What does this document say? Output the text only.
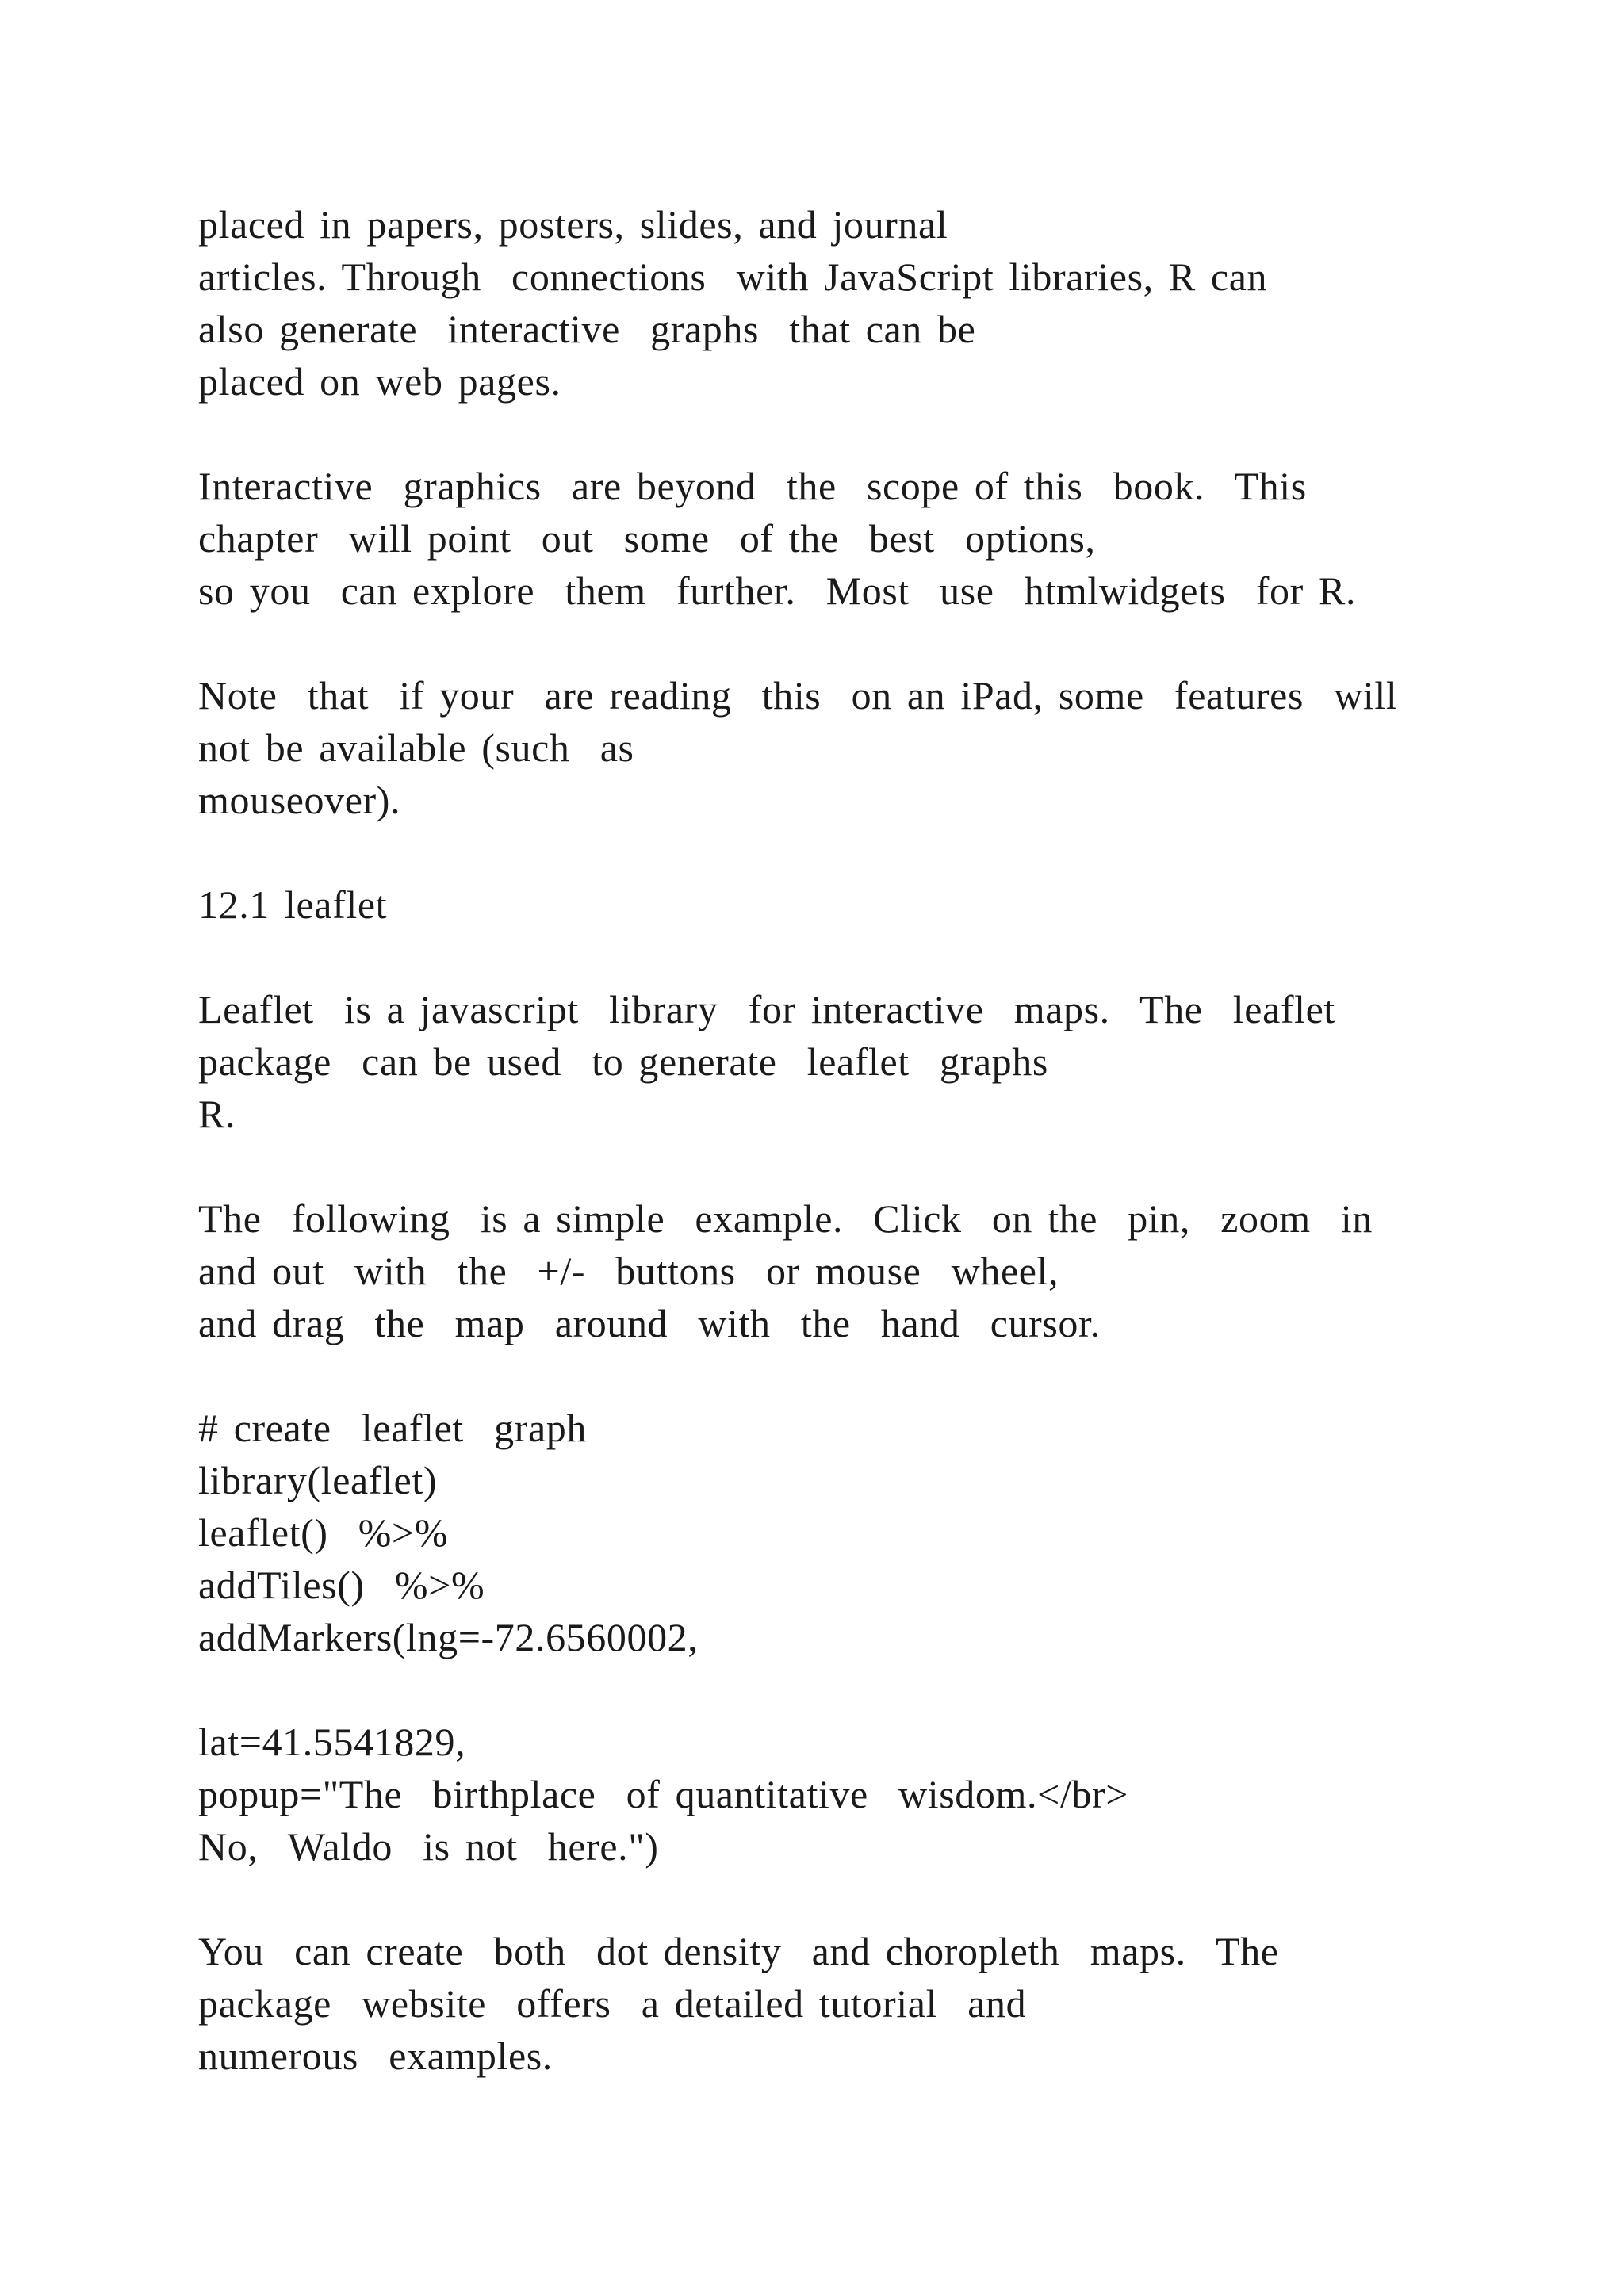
placed in papers, posters, slides, and journal

articles. Through  connections  with JavaScript libraries, R can

also generate  interactive  graphs  that can be

placed on web pages.

Interactive  graphics  are beyond  the  scope of this  book.  This

chapter  will point  out  some  of the  best  options,

so you  can explore  them  further.  Most  use  htmlwidgets  for R.

Note  that  if your  are reading  this  on an iPad, some  features  will

not be available (such  as

mouseover).

12.1 leaflet

Leaflet  is a javascript  library  for interactive  maps.  The  leaflet

package  can be used  to generate  leaflet  graphs

R.

The  following  is a simple  example.  Click  on the  pin,  zoom  in

and out  with  the  +/-  buttons  or mouse  wheel,

and drag  the  map  around  with  the  hand  cursor.

# create  leaflet  graph

library(leaflet)

leaflet()  %>%

addTiles()  %>%

addMarkers(lng=-72.6560002,

lat=41.5541829,

popup="The  birthplace  of quantitative  wisdom.</br>

No,  Waldo  is not  here.")

You  can create  both  dot density  and choropleth  maps.  The

package  website  offers  a detailed tutorial  and

numerous  examples.
